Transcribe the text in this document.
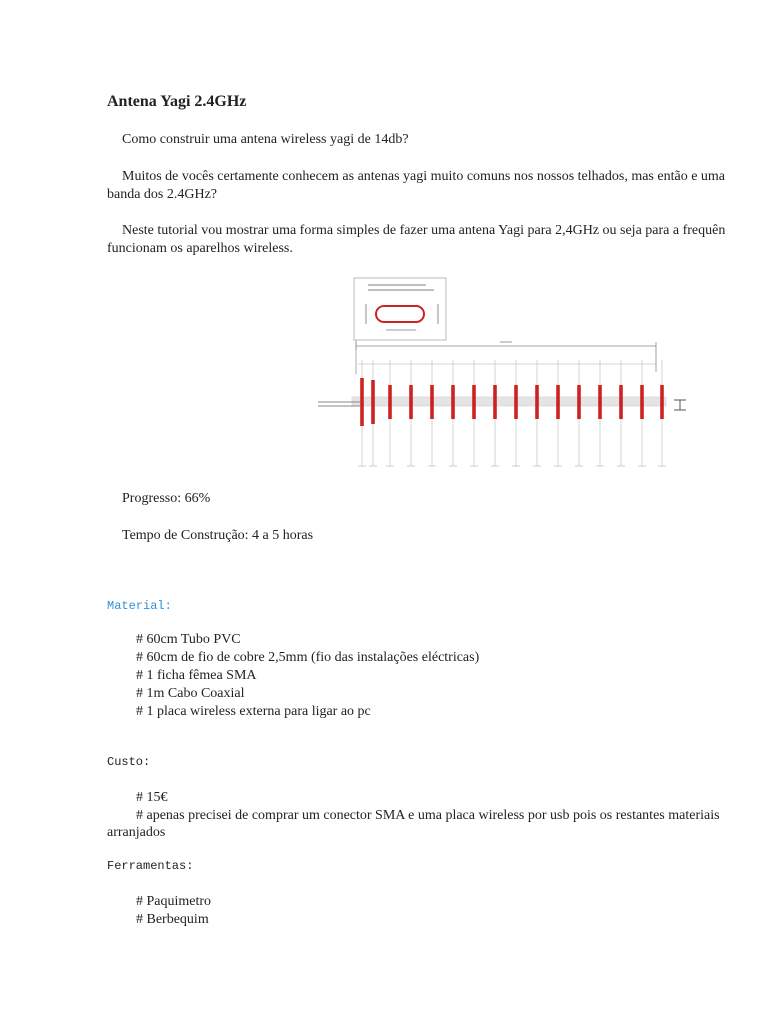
Antena Yagi 2.4GHz
Como construir uma antena wireless yagi de 14db?
Muitos de vocês certamente conhecem as antenas yagi muito comuns nos nossos telhados, mas então e uma
banda dos 2.4GHz?
Neste tutorial vou mostrar uma forma simples de fazer uma antena Yagi para 2,4GHz ou seja para a frequên
funcionam os aparelhos wireless.
Progresso: 66%
Tempo de Construção: 4 a 5 horas
Material:
# 60cm Tubo PVC
# 60cm de fio de cobre 2,5mm (fio das instalações eléctricas)
# 1 ficha fêmea SMA
# 1m Cabo Coaxial
# 1 placa wireless externa para ligar ao pc
Custo:
# 15€
# apenas precisei de comprar um conector SMA e uma placa wireless por usb pois os restantes materiais
arranjados
Ferramentas:
# Paquimetro
# Berbequim
